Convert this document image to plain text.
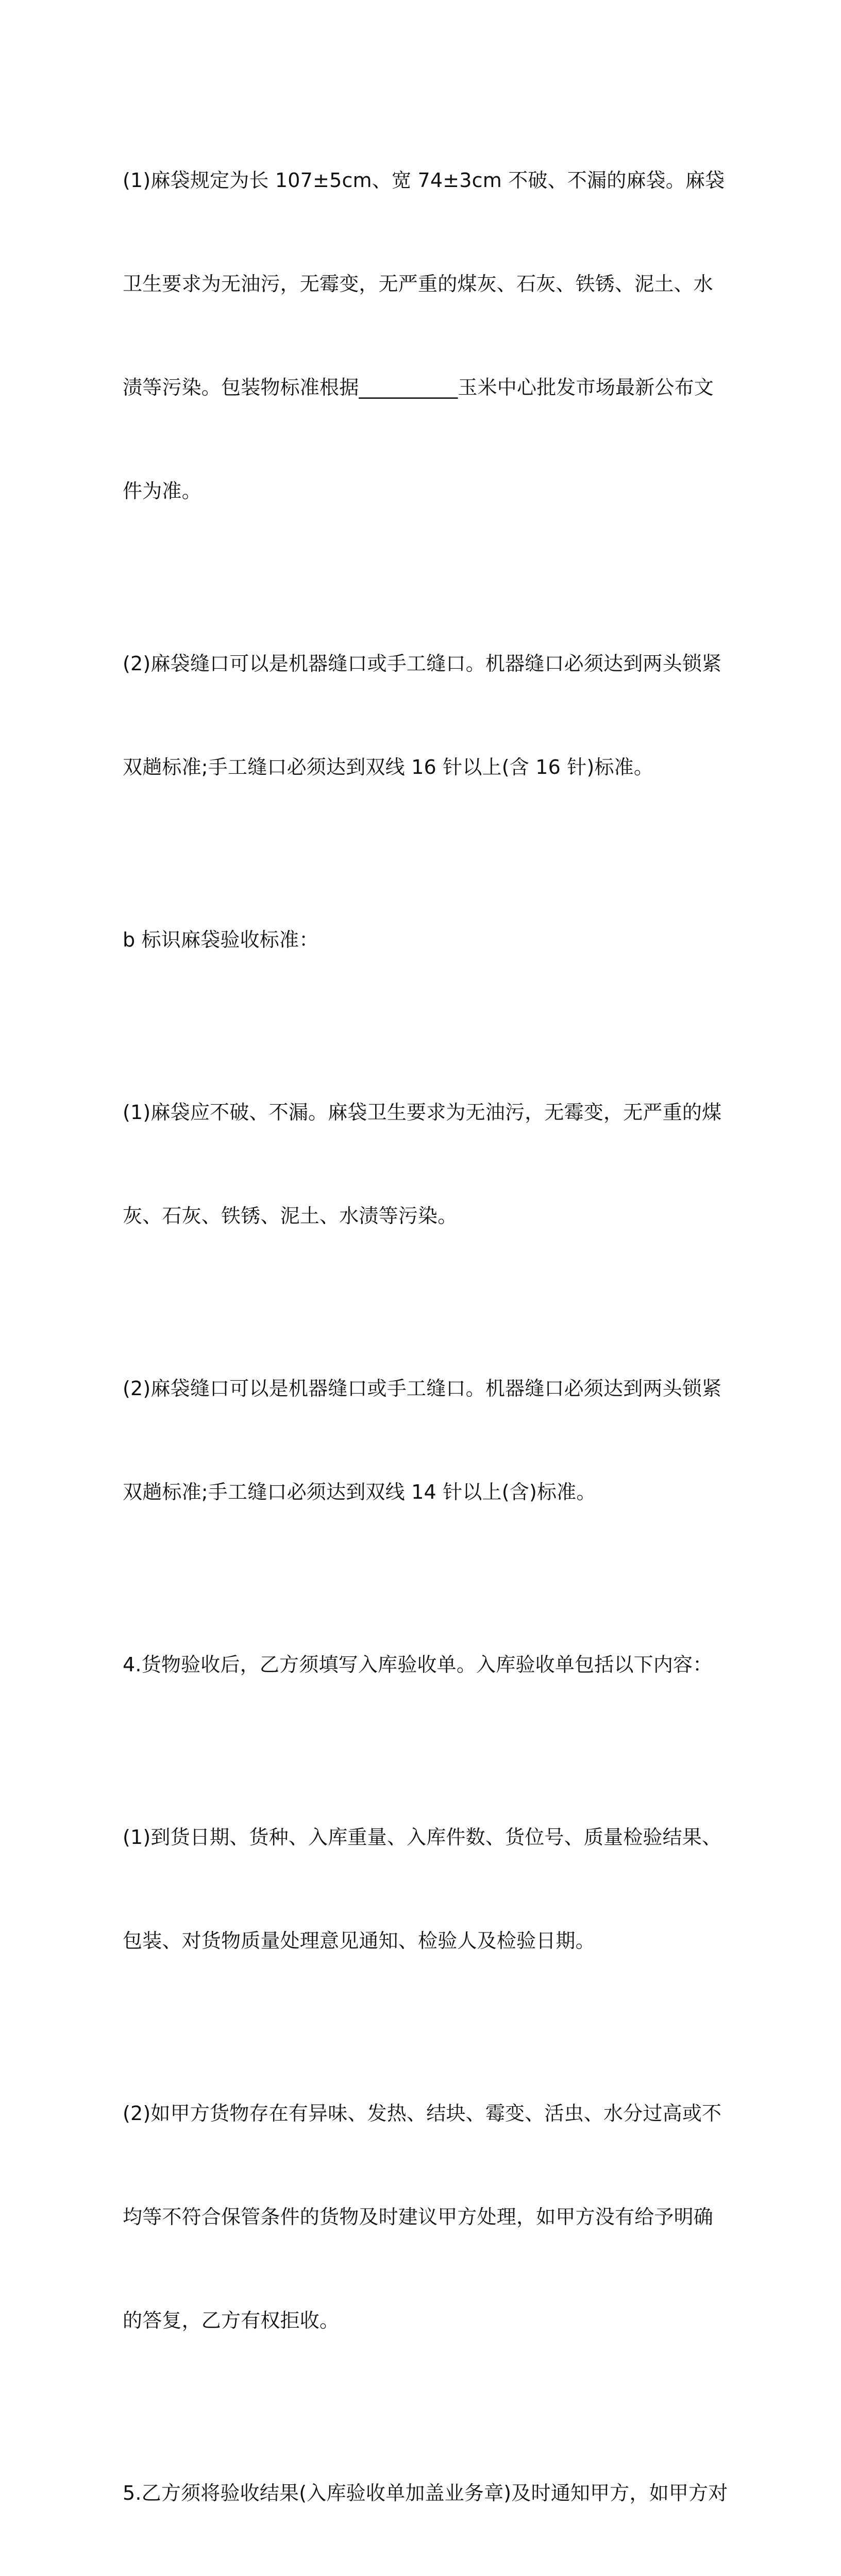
(1)麻袋规定为长 107±5cm、宽 74±3cm 不破、不漏的麻袋。麻袋

卫生要求为无油污，无霉变，无严重的煤灰、石灰、铁锈、泥土、水

渍等污染。包装物标准根据__________玉米中心批发市场最新公布文

件为准。

(2)麻袋缝口可以是机器缝口或手工缝口。机器缝口必须达到两头锁紧

双趟标准;手工缝口必须达到双线 16 针以上(含 16 针)标准。

b 标识麻袋验收标准：

(1)麻袋应不破、不漏。麻袋卫生要求为无油污，无霉变，无严重的煤

灰、石灰、铁锈、泥土、水渍等污染。

(2)麻袋缝口可以是机器缝口或手工缝口。机器缝口必须达到两头锁紧

双趟标准;手工缝口必须达到双线 14 针以上(含)标准。

4.货物验收后，乙方须填写入库验收单。入库验收单包括以下内容：

(1)到货日期、货种、入库重量、入库件数、货位号、质量检验结果、

包装、对货物质量处理意见通知、检验人及检验日期。

(2)如甲方货物存在有异味、发热、结块、霉变、活虫、水分过高或不

均等不符合保管条件的货物及时建议甲方处理，如甲方没有给予明确

的答复，乙方有权拒收。

5.乙方须将验收结果(入库验收单加盖业务章)及时通知甲方，如甲方对
